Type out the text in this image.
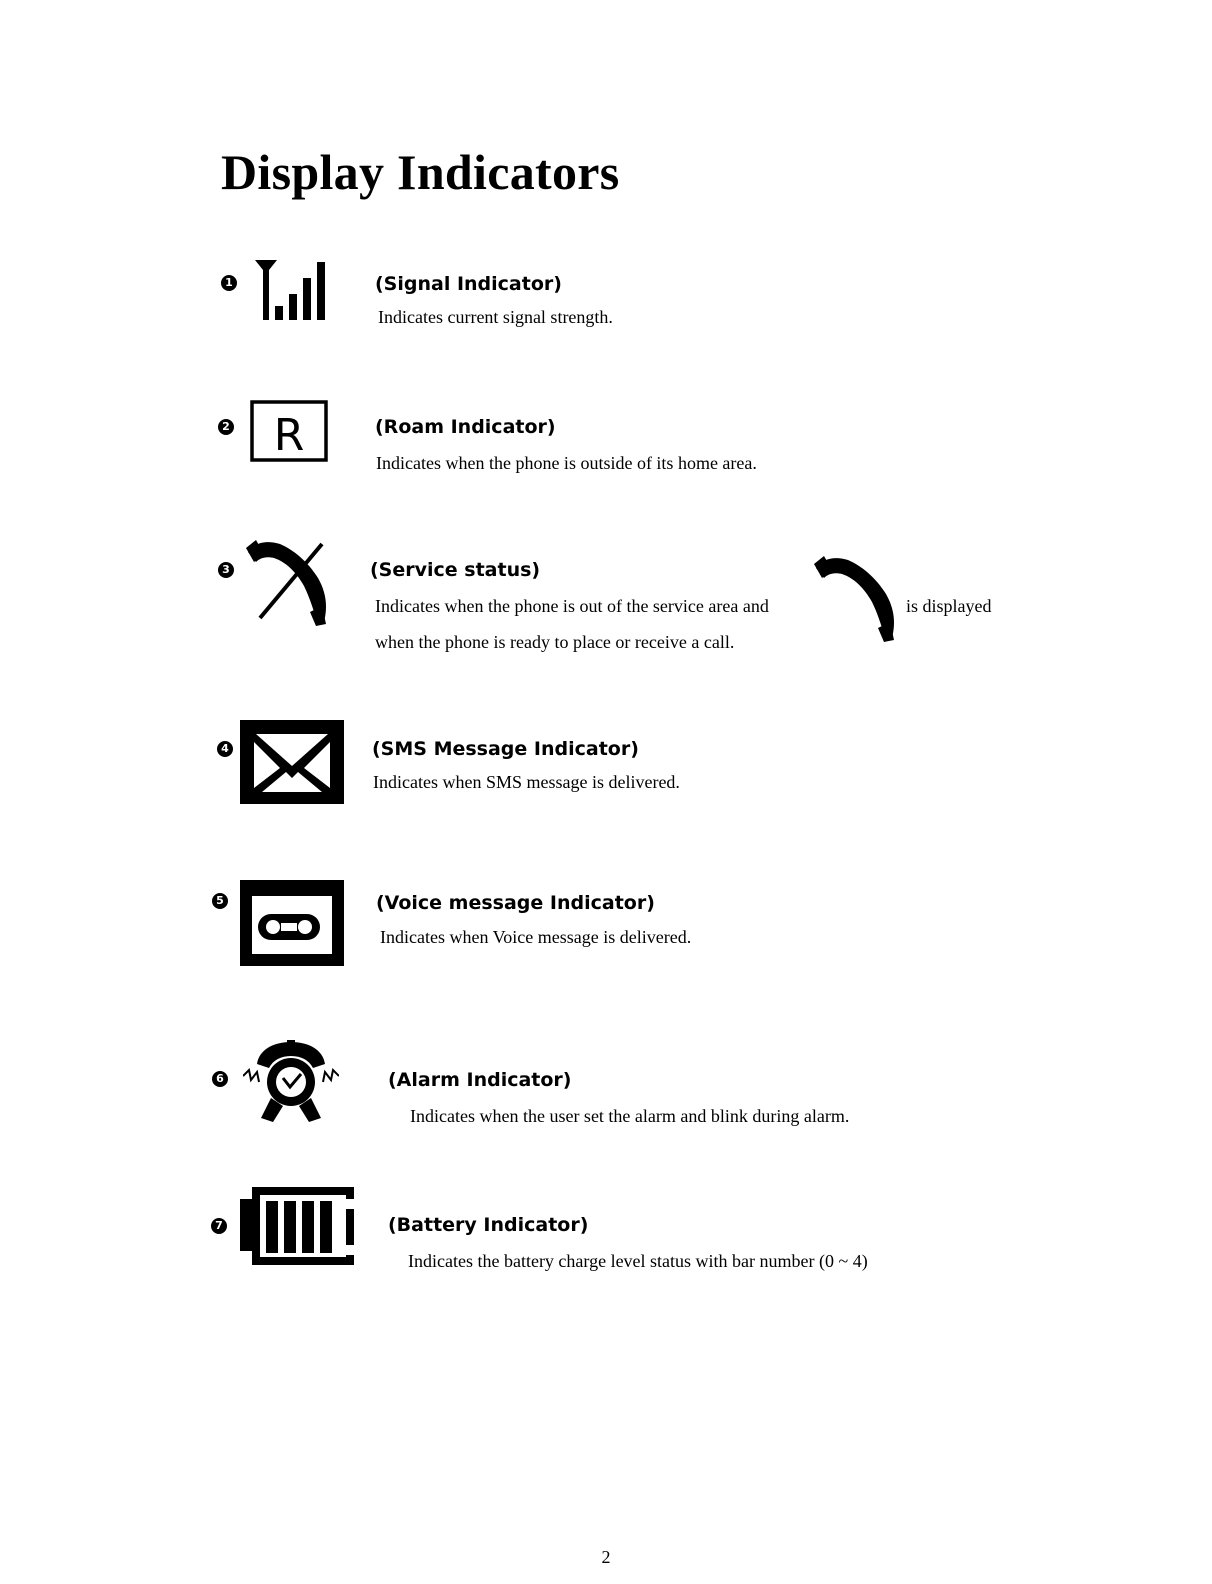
Display Indicators
1	(Signal Indicator)

Indicates current signal strength.

2 R	(Roam Indicator)

Indicates when the phone is outside of its home area.

3	(Service status)

Indicates when the phone is out of the service area and	is displayed

when the phone is ready to place or receive a call.

4	(SMS Message Indicator)

Indicates when SMS message is delivered.

5	(Voice message Indicator)

Indicates when Voice message is delivered.

6	(Alarm Indicator)

Indicates when the user set the alarm and blink during alarm.

7	(Battery Indicator)

Indicates the battery charge level status with bar number (0 ~ 4)

2
